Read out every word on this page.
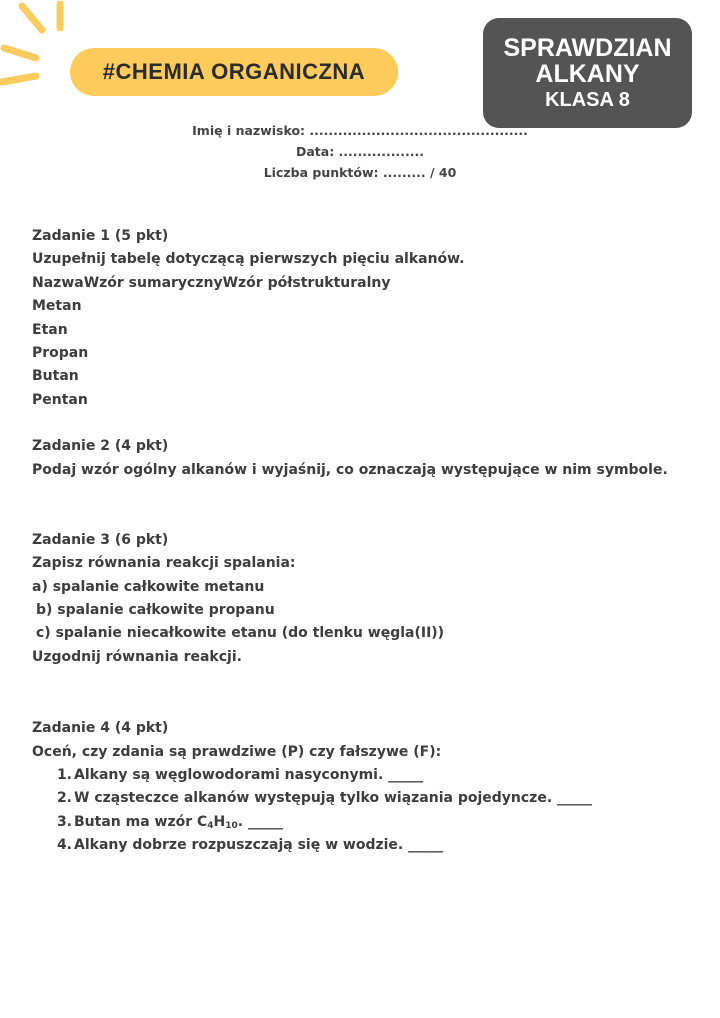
#CHEMIA ORGANICZNA
SPRAWDZIAN
ALKANY
KLASA 8
Imię i nazwisko: ..............................................
Data: ..................
Liczba punktów: ......... / 40
Zadanie 1 (5 pkt)
Uzupełnij tabelę dotyczącą pierwszych pięciu alkanów.
NazwaWzór sumarycznyWzór półstrukturalny
Metan
Etan
Propan
Butan
Pentan
Zadanie 2 (4 pkt)
Podaj wzór ogólny alkanów i wyjaśnij, co oznaczają występujące w nim symbole.
Zadanie 3 (6 pkt)
Zapisz równania reakcji spalania:
a) spalanie całkowite metanu
b) spalanie całkowite propanu
c) spalanie niecałkowite etanu (do tlenku węgla(II))
Uzgodnij równania reakcji.
Zadanie 4 (4 pkt)
Oceń, czy zdania są prawdziwe (P) czy fałszywe (F):
1. Alkany są węglowodorami nasyconymi. _____
2. W cząsteczce alkanów występują tylko wiązania pojedyncze. _____
3. Butan ma wzór $C_4H_{10}$. _____
4. Alkany dobrze rozpuszczają się w wodzie. _____
